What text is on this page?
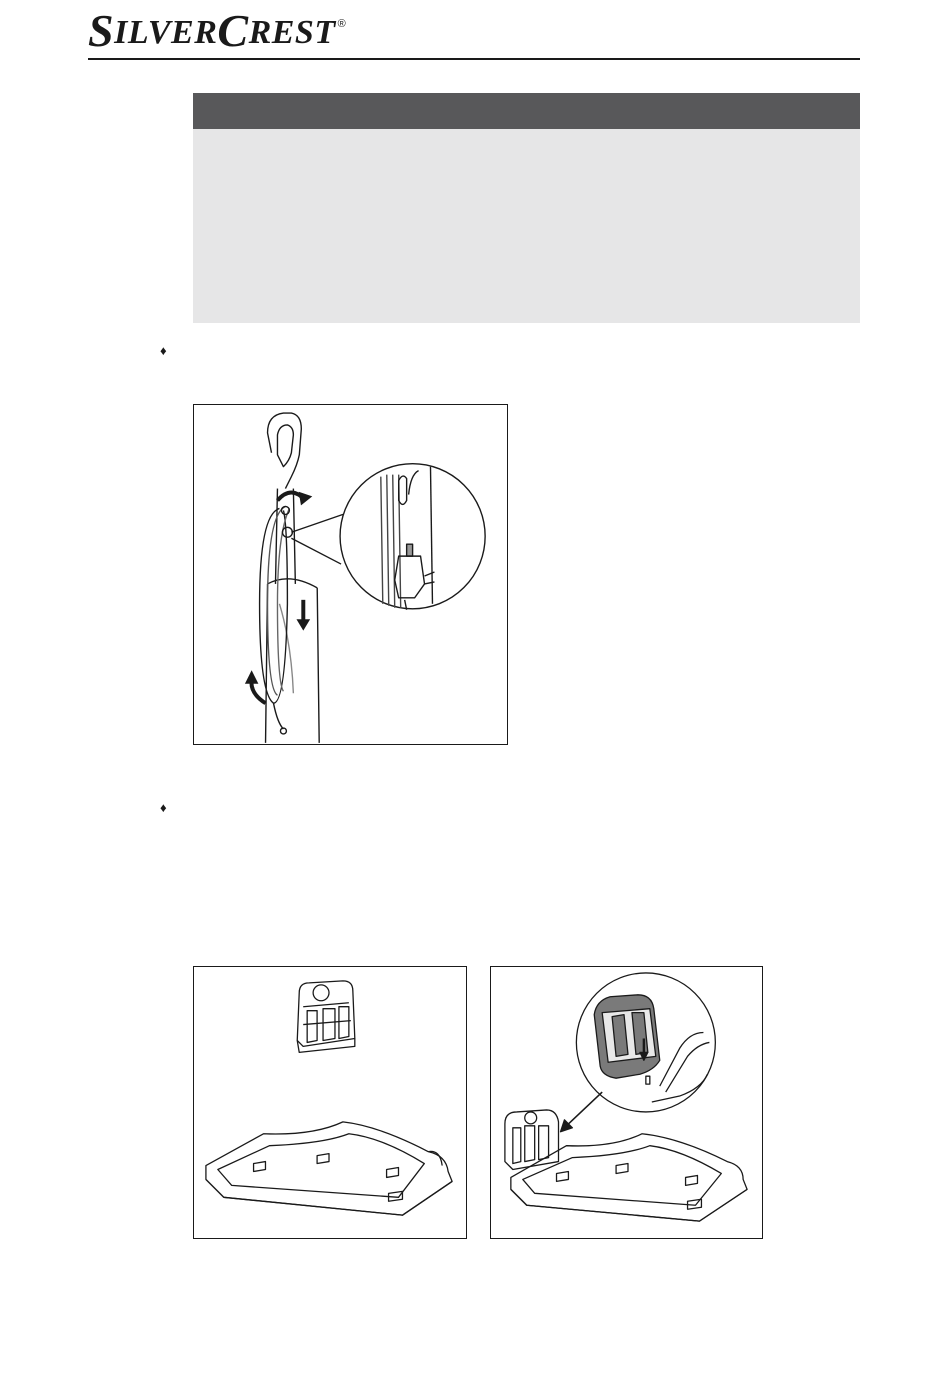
S ILVER C REST ®
♦
♦
